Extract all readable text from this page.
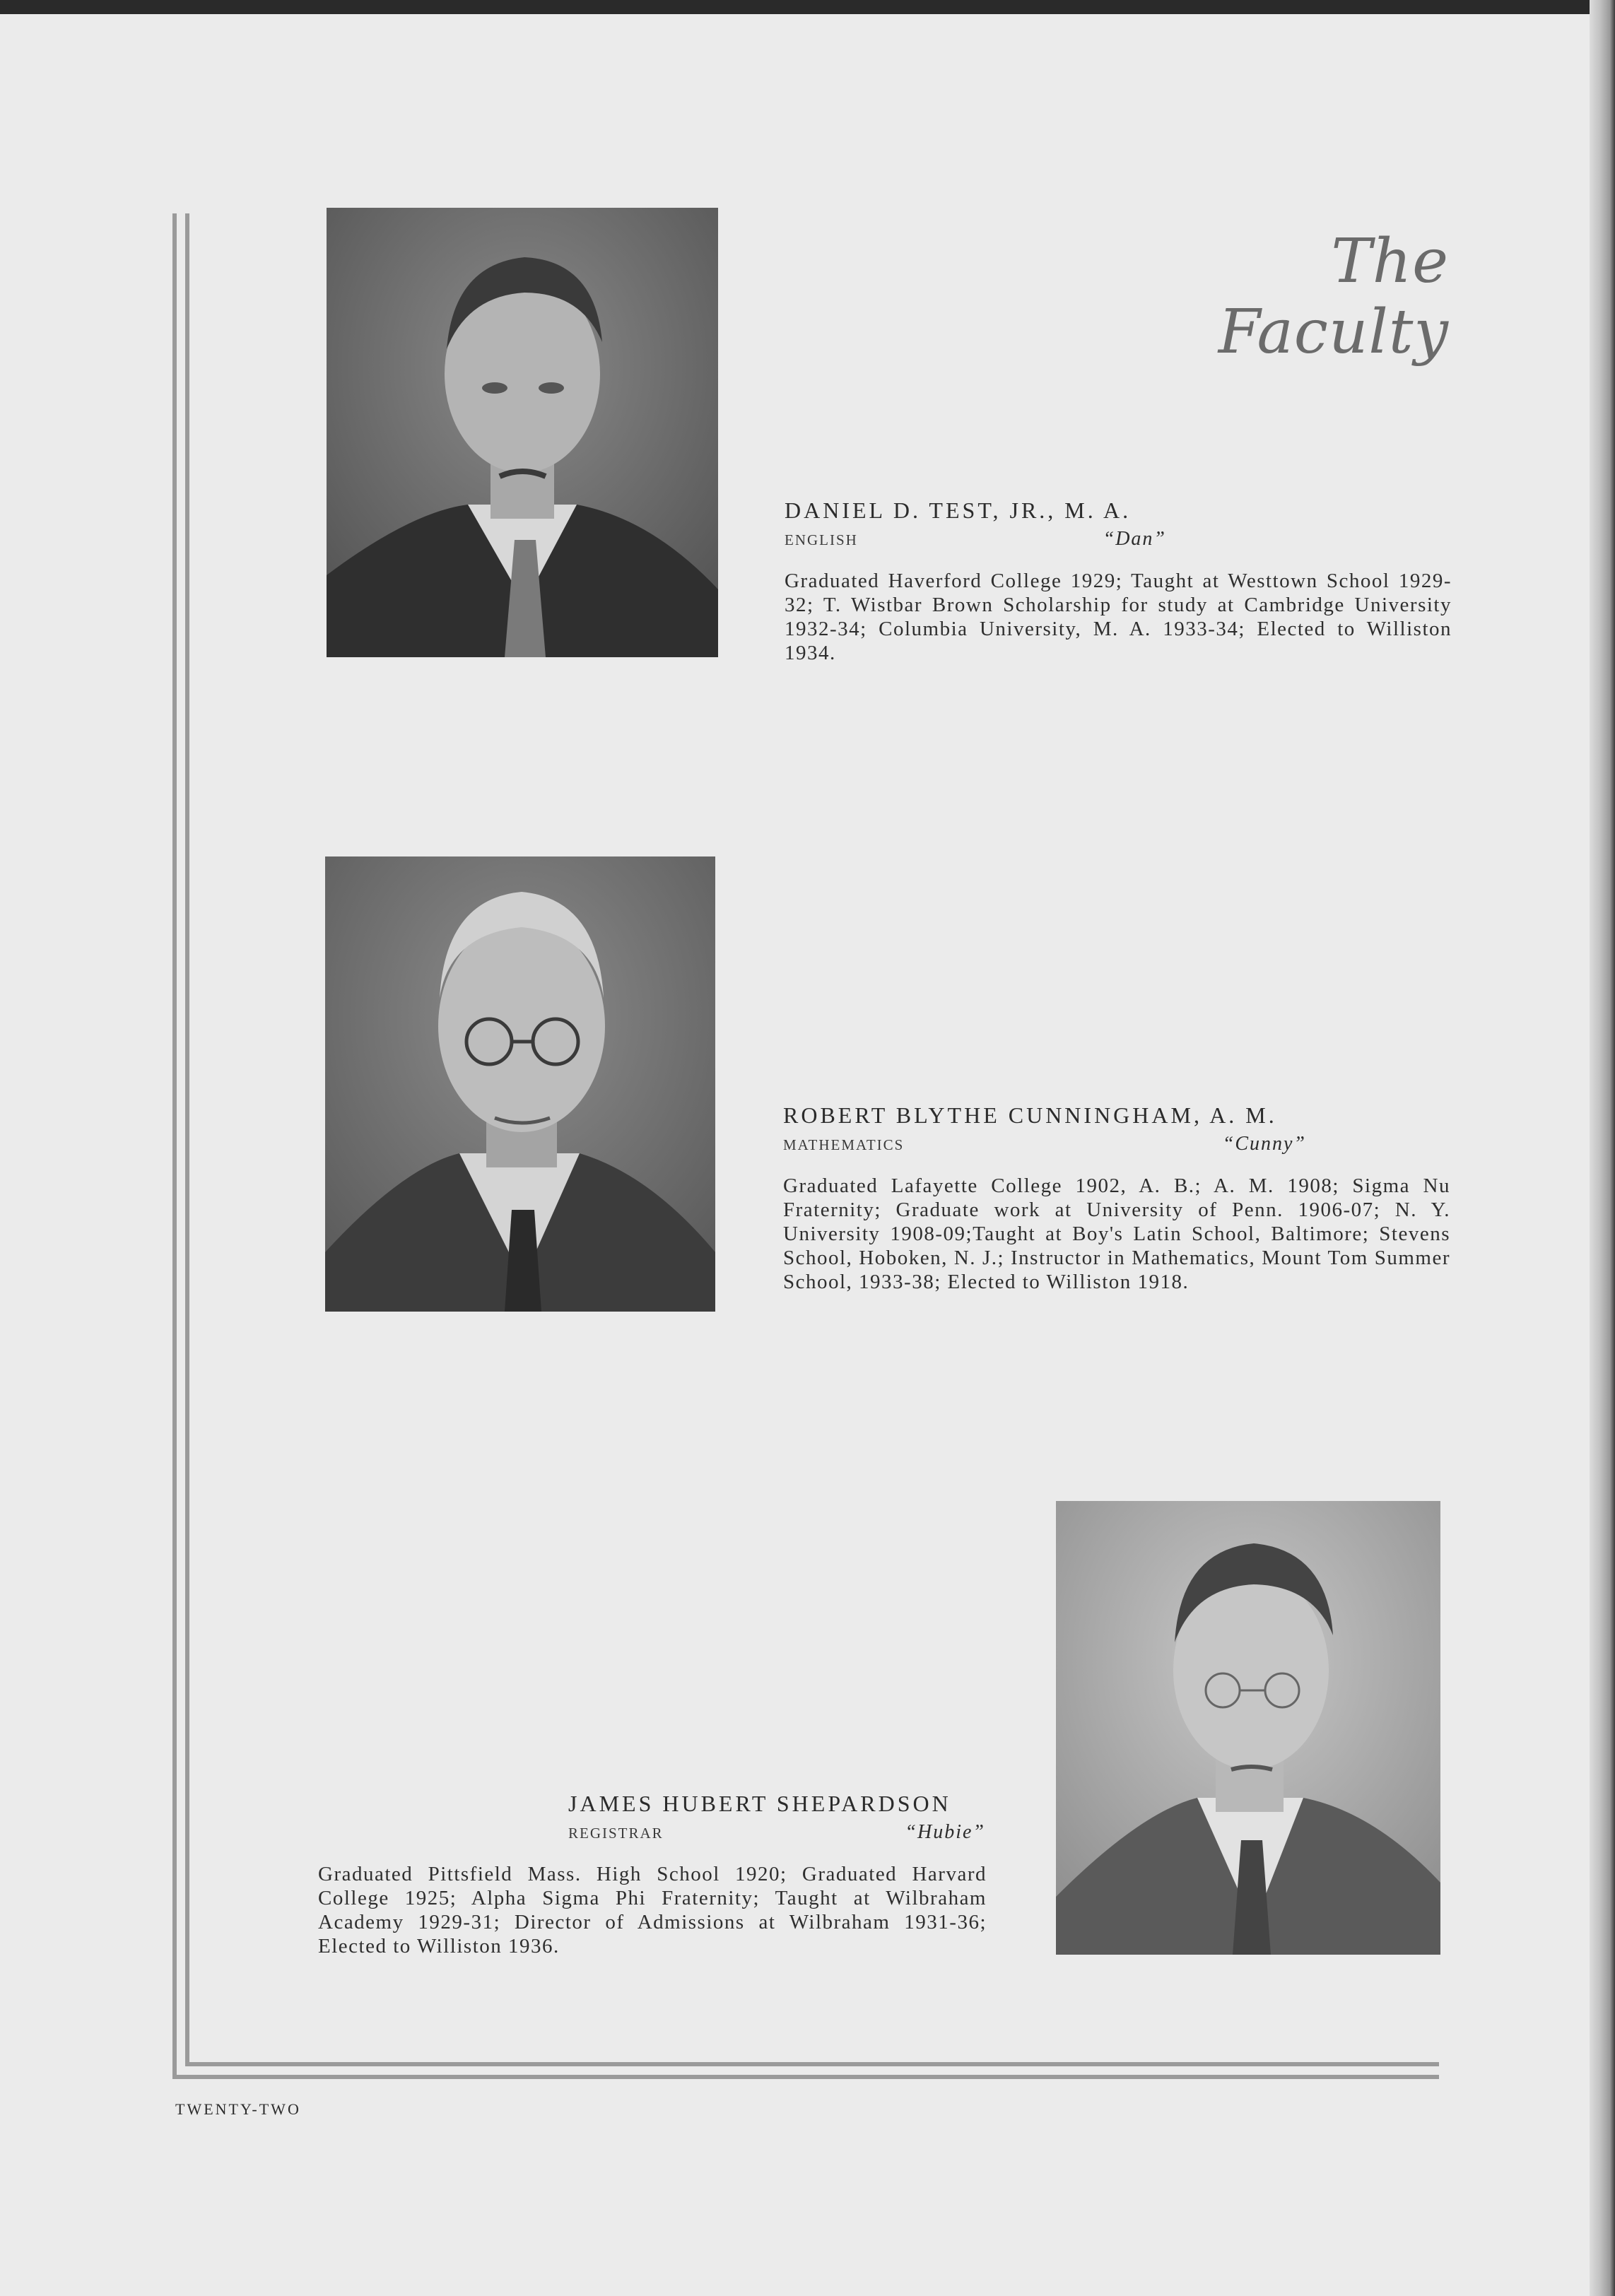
The Faculty
DANIEL D. TEST, JR., M. A.
ENGLISH	“Dan”
Graduated Haverford College 1929; Taught at Westtown School 1929-32; T. Wistbar Brown Scholarship for study at Cambridge University 1932-34; Columbia University, M. A. 1933-34; Elected to Williston 1934.
ROBERT BLYTHE CUNNINGHAM, A. M.
MATHEMATICS	“Cunny”
Graduated Lafayette College 1902, A. B.; A. M. 1908; Sigma Nu Fraternity; Graduate work at University of Penn. 1906-07; N. Y. University 1908-09;Taught at Boy's Latin School, Baltimore; Stevens School, Hoboken, N. J.; Instructor in Mathematics, Mount Tom Summer School, 1933-38; Elected to Williston 1918.
JAMES HUBERT SHEPARDSON
REGISTRAR	“Hubie”
Graduated Pittsfield Mass. High School 1920; Graduated Harvard College 1925; Alpha Sigma Phi Fraternity; Taught at Wilbraham Academy 1929-31; Director of Admissions at Wilbraham 1931-36; Elected to Williston 1936.
TWENTY-TWO
